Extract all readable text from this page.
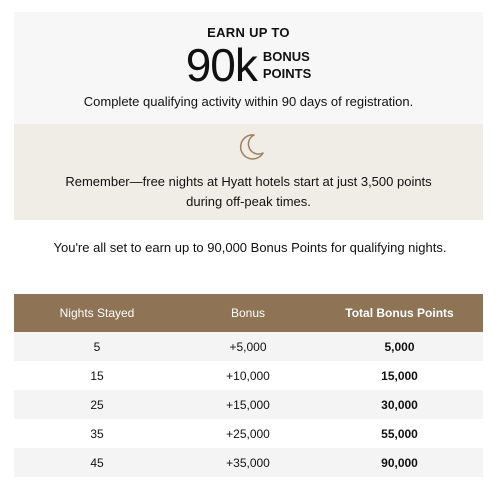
EARN UP TO
90k BONUS
POINTS
Complete qualifying activity within 90 days of registration.
Remember—free nights at Hyatt hotels start at just 3,500 points
during off-peak times.
You're all set to earn up to 90,000 Bonus Points for qualifying nights.
Nights Stayed	Bonus	Total Bonus Points
5	+5,000	5,000
15	+10,000	15,000
25	+15,000	30,000
35	+25,000	55,000
45	+35,000	90,000
